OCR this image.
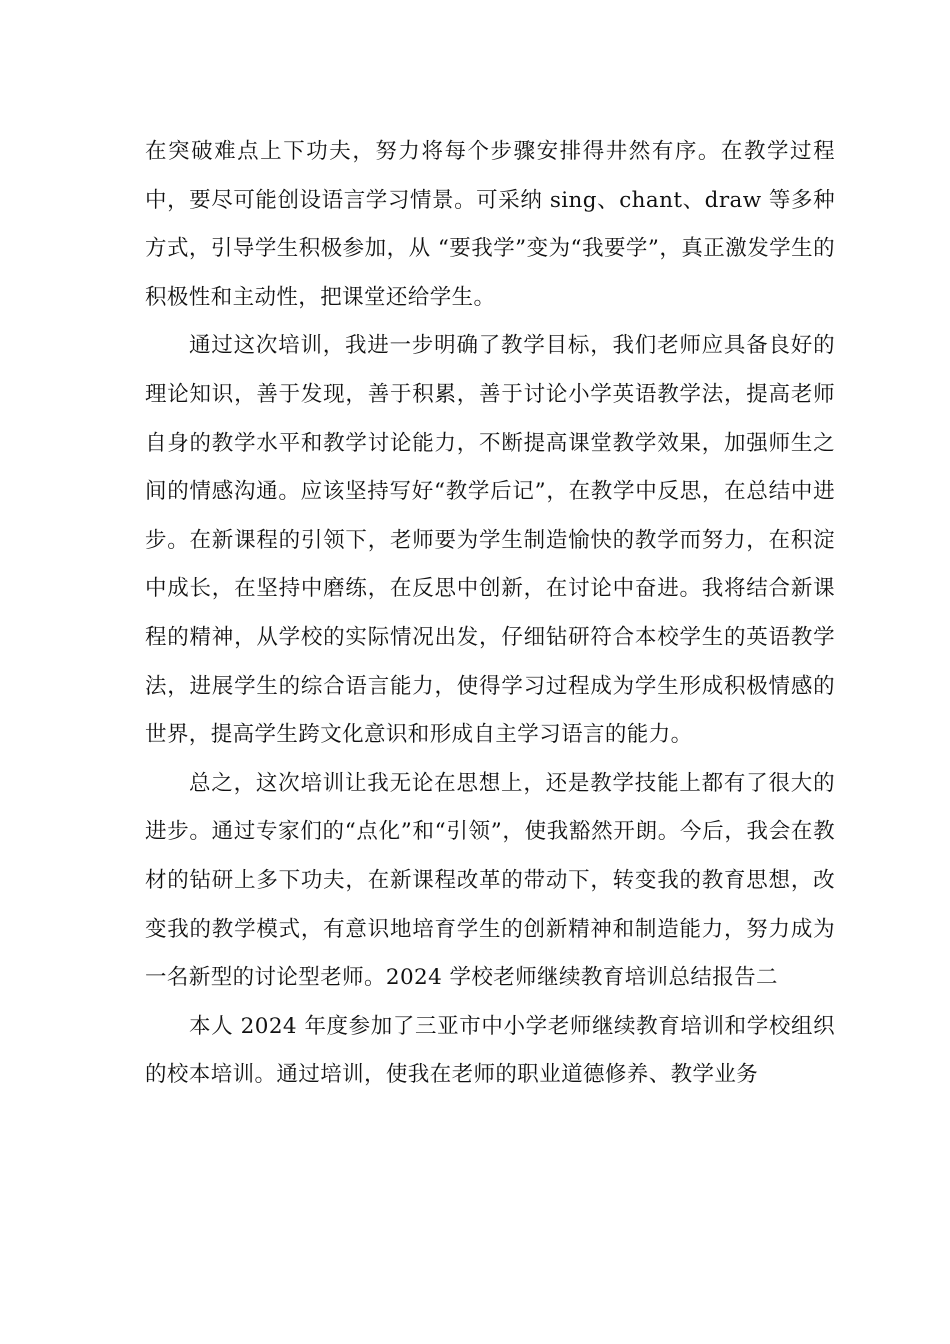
在突破难点上下功夫，努力将每个步骤安排得井然有序。在教学过程中，要尽可能创设语言学习情景。可采纳 sing、chant、draw 等多种方式，引导学生积极参加，从 “要我学”变为“我要学”，真正激发学生的积极性和主动性，把课堂还给学生。

通过这次培训，我进一步明确了教学目标，我们老师应具备良好的理论知识，善于发现，善于积累，善于讨论小学英语教学法，提高老师自身的教学水平和教学讨论能力，不断提高课堂教学效果，加强师生之间的情感沟通。应该坚持写好“教学后记”，在教学中反思，在总结中进步。在新课程的引领下，老师要为学生制造愉快的教学而努力，在积淀中成长，在坚持中磨练，在反思中创新，在讨论中奋进。我将结合新课程的精神，从学校的实际情况出发，仔细钻研符合本校学生的英语教学法，进展学生的综合语言能力，使得学习过程成为学生形成积极情感的世界，提高学生跨文化意识和形成自主学习语言的能力。

总之，这次培训让我无论在思想上，还是教学技能上都有了很大的进步。通过专家们的“点化”和“引领”，使我豁然开朗。今后，我会在教材的钻研上多下功夫，在新课程改革的带动下，转变我的教育思想，改变我的教学模式，有意识地培育学生的创新精神和制造能力，努力成为一名新型的讨论型老师。2024 学校老师继续教育培训总结报告二

本人 2024 年度参加了三亚市中小学老师继续教育培训和学校组织的校本培训。通过培训，使我在老师的职业道德修养、教学业务
